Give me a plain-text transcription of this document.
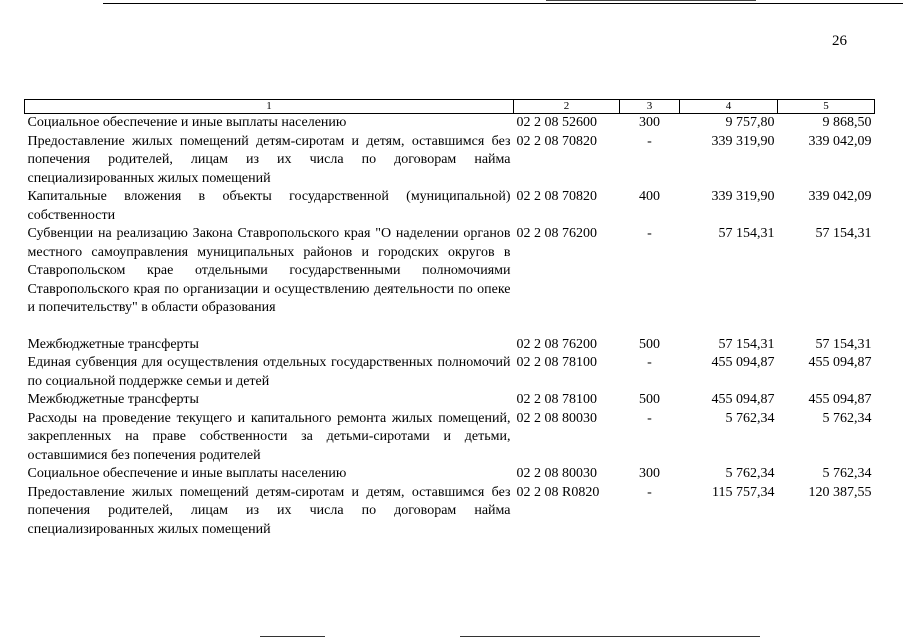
26
1	2	3	4	5
Социальное обеспечение и иные выплаты населению	02 2 08 52600	300	9 757,80	9 868,50
Предоставление жилых помещений детям-сиротам и детям, оставшимся без попечения родителей, лицам из их числа по договорам найма специализированных жилых помещений	02 2 08 70820	-	339 319,90	339 042,09
Капитальные вложения в объекты государственной (муниципальной) собственности	02 2 08 70820	400	339 319,90	339 042,09
Субвенции на реализацию Закона Ставропольского края "О наделении органов местного самоуправления муниципальных районов и городских округов в Ставропольском крае отдельными государственными полномочиями Ставропольского края по организации и осуществлению деятельности по опеке и попечительству" в области образования	02 2 08 76200	-	57 154,31	57 154,31
Межбюджетные трансферты	02 2 08 76200	500	57 154,31	57 154,31
Единая субвенция для осуществления отдельных государственных полномочий по социальной поддержке семьи и детей	02 2 08 78100	-	455 094,87	455 094,87
Межбюджетные трансферты	02 2 08 78100	500	455 094,87	455 094,87
Расходы на проведение текущего и капитального ремонта жилых помещений, закрепленных на праве собственности за детьми-сиротами и детьми, оставшимися без попечения родителей	02 2 08 80030	-	5 762,34	5 762,34
Социальное обеспечение и иные выплаты населению	02 2 08 80030	300	5 762,34	5 762,34
Предоставление жилых помещений детям-сиротам и детям, оставшимся без попечения родителей, лицам из их числа по договорам найма специализированных жилых помещений	02 2 08 R0820	-	115 757,34	120 387,55
